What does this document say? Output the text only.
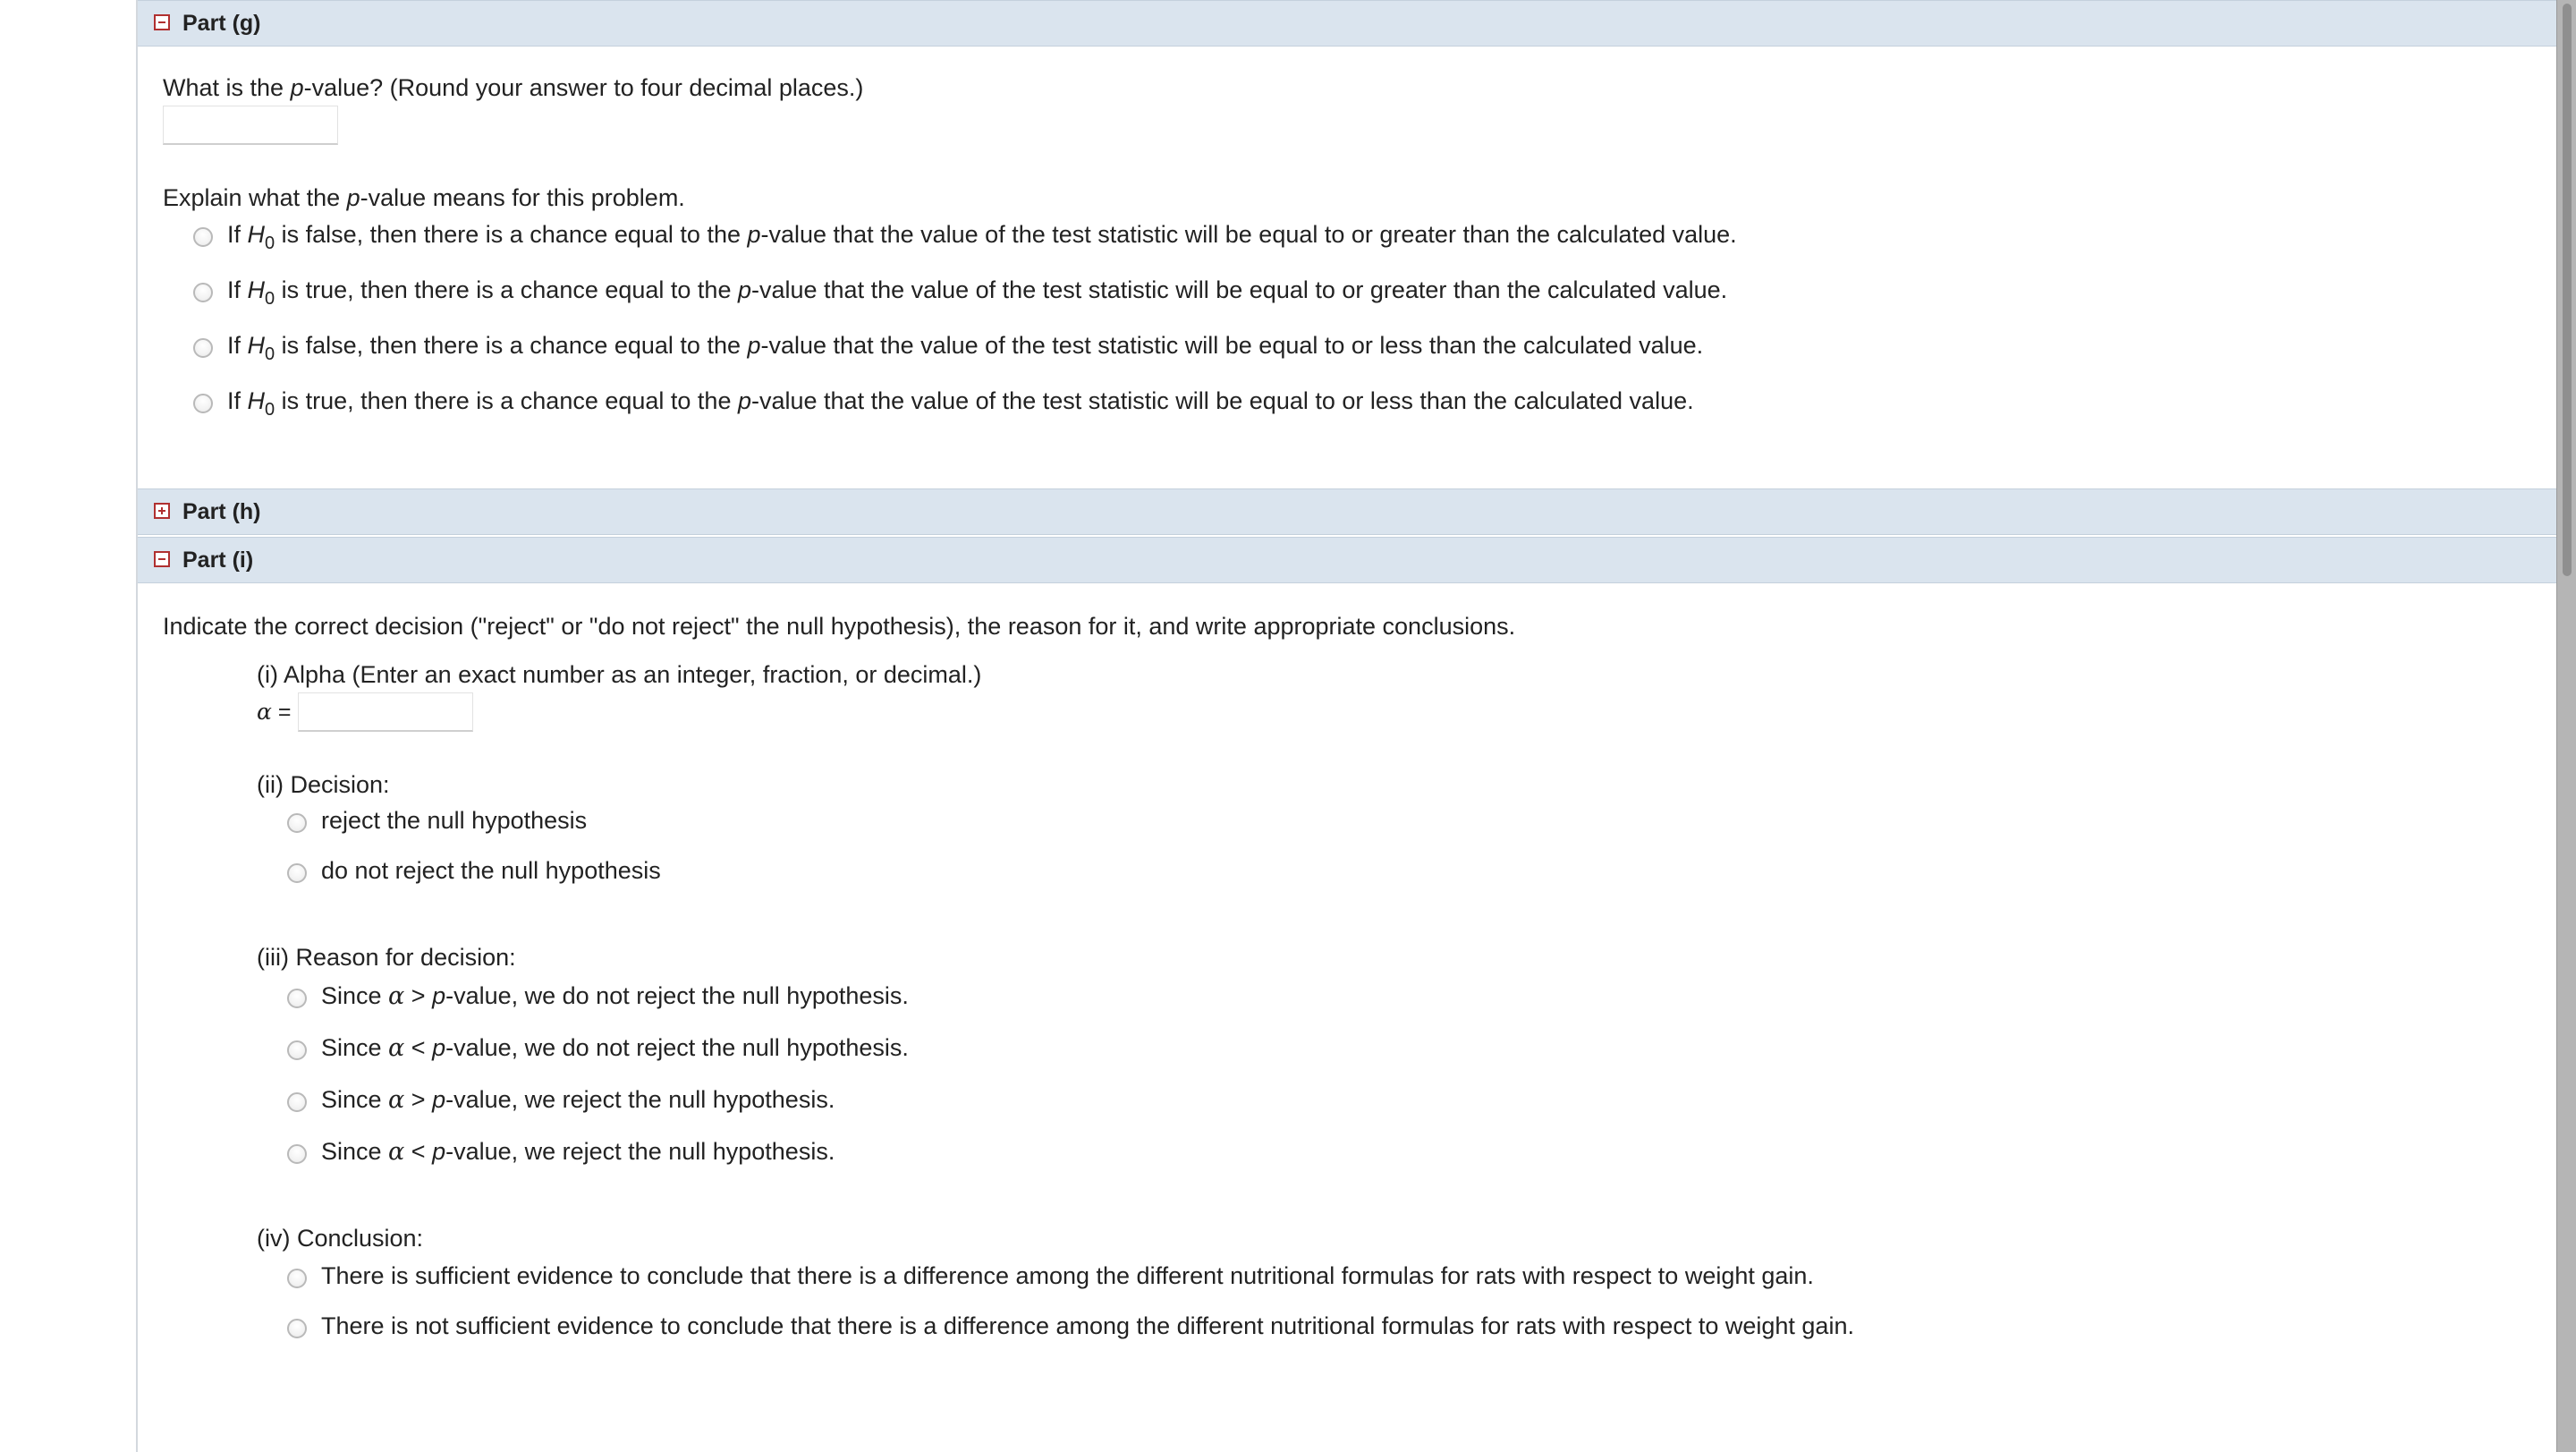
Part (g)
What is the p-value? (Round your answer to four decimal places.)
Explain what the p-value means for this problem.
If $H_0$ is false, then there is a chance equal to the p-value that the value of the test statistic will be equal to or greater than the calculated value.
If $H_0$ is true, then there is a chance equal to the p-value that the value of the test statistic will be equal to or greater than the calculated value.
If $H_0$ is false, then there is a chance equal to the p-value that the value of the test statistic will be equal to or less than the calculated value.
If $H_0$ is true, then there is a chance equal to the p-value that the value of the test statistic will be equal to or less than the calculated value.
Part (h)
Part (i)
Indicate the correct decision ("reject" or "do not reject" the null hypothesis), the reason for it, and write appropriate conclusions.
(i) Alpha (Enter an exact number as an integer, fraction, or decimal.)
α =
(ii) Decision:
reject the null hypothesis
do not reject the null hypothesis
(iii) Reason for decision:
Since α > p-value, we do not reject the null hypothesis.
Since α < p-value, we do not reject the null hypothesis.
Since α > p-value, we reject the null hypothesis.
Since α < p-value, we reject the null hypothesis.
(iv) Conclusion:
There is sufficient evidence to conclude that there is a difference among the different nutritional formulas for rats with respect to weight gain.
There is not sufficient evidence to conclude that there is a difference among the different nutritional formulas for rats with respect to weight gain.
